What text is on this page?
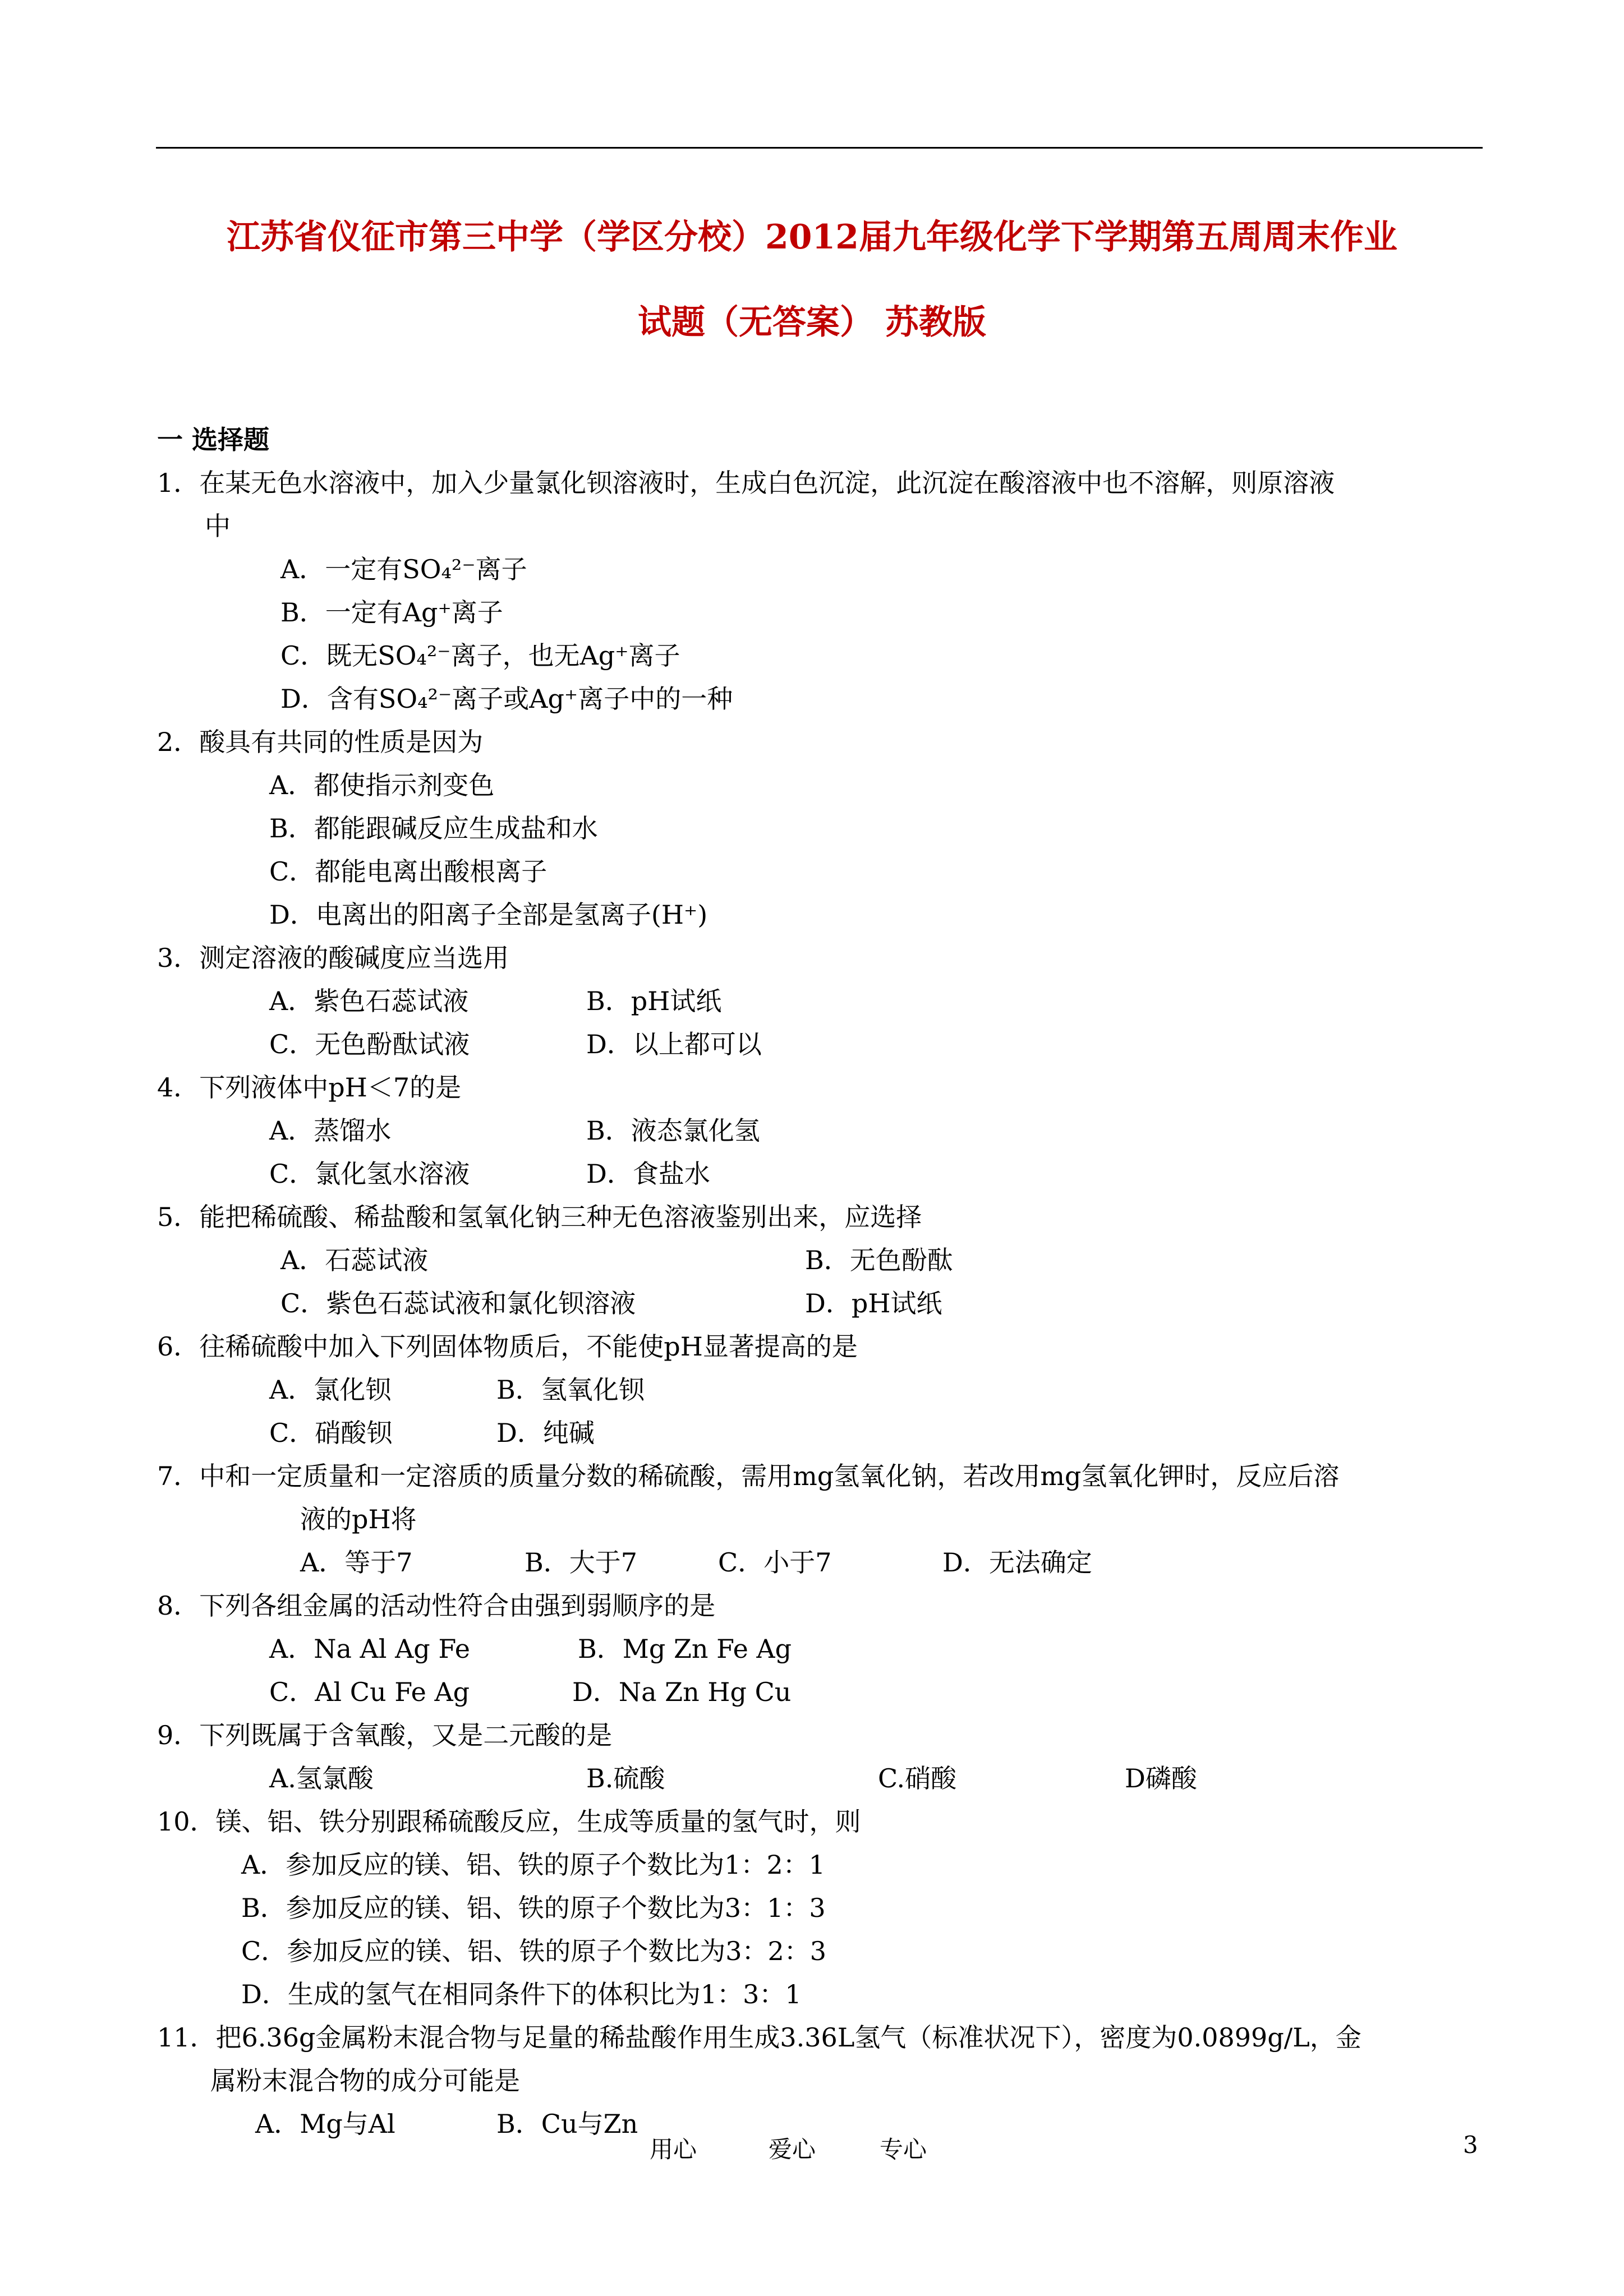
江苏省仪征市第三中学（学区分校）2012届九年级化学下学期第五周周末作业
试题（无答案） 苏教版
一 选择题
1．在某无色水溶液中，加入少量氯化钡溶液时，生成白色沉淀，此沉淀在酸溶液中也不溶解，则原溶液
中
A．一定有SO₄²⁻离子
B．一定有Ag⁺离子
C．既无SO₄²⁻离子，也无Ag⁺离子
D．含有SO₄²⁻离子或Ag⁺离子中的一种
2．酸具有共同的性质是因为
A．都使指示剂变色
B．都能跟碱反应生成盐和水
C．都能电离出酸根离子
D．电离出的阳离子全部是氢离子(H⁺)
3．测定溶液的酸碱度应当选用
A．紫色石蕊试液	B．pH试纸
C．无色酚酞试液	D．以上都可以
4．下列液体中pH＜7的是
A．蒸馏水	B．液态氯化氢
C．氯化氢水溶液	D．食盐水
5．能把稀硫酸、稀盐酸和氢氧化钠三种无色溶液鉴别出来，应选择
A．石蕊试液	B．无色酚酞
C．紫色石蕊试液和氯化钡溶液	D．pH试纸
6．往稀硫酸中加入下列固体物质后，不能使pH显著提高的是
A．氯化钡	B．氢氧化钡
C．硝酸钡	D．纯碱
7．中和一定质量和一定溶质的质量分数的稀硫酸，需用mg氢氧化钠，若改用mg氢氧化钾时，反应后溶
液的pH将
A．等于7	B．大于7	C．小于7	D．无法确定
8．下列各组金属的活动性符合由强到弱顺序的是
A．Na Al Ag Fe	B．Mg Zn Fe Ag
C．Al Cu Fe Ag	D．Na Zn Hg Cu
9．下列既属于含氧酸，又是二元酸的是
A.氢氯酸	B.硫酸	C.硝酸	D磷酸
10．镁、铝、铁分别跟稀硫酸反应，生成等质量的氢气时，则
A．参加反应的镁、铝、铁的原子个数比为1：2：1
B．参加反应的镁、铝、铁的原子个数比为3：1：3
C．参加反应的镁、铝、铁的原子个数比为3：2：3
D．生成的氢气在相同条件下的体积比为1：3：1
11．把6.36g金属粉末混合物与足量的稀盐酸作用生成3.36L氢气（标准状况下），密度为0.0899g/L，金
属粉末混合物的成分可能是
A．Mg与Al	B．Cu与Zn
用心	爱心	专心	3
